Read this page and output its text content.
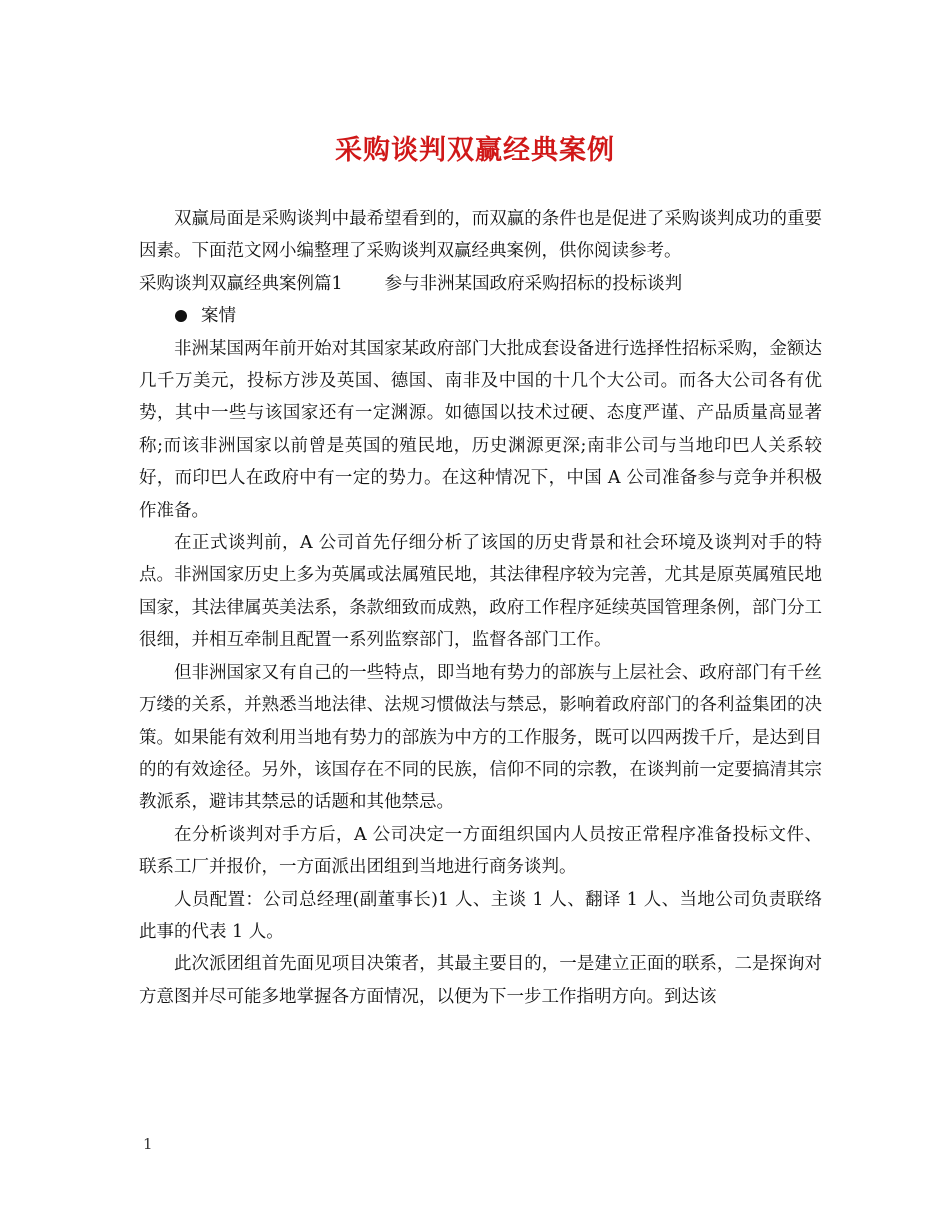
采购谈判双赢经典案例

双赢局面是采购谈判中最希望看到的，而双赢的条件也是促进了采购谈判成功的重要因素。下面范文网小编整理了采购谈判双赢经典案例，供你阅读参考。

采购谈判双赢经典案例篇1 参与非洲某国政府采购招标的投标谈判

案情

非洲某国两年前开始对其国家某政府部门大批成套设备进行选择性招标采购，金额达几千万美元，投标方涉及英国、德国、南非及中国的十几个大公司。而各大公司各有优势，其中一些与该国家还有一定渊源。如德国以技术过硬、态度严谨、产品质量高显著称;而该非洲国家以前曾是英国的殖民地，历史渊源更深;南非公司与当地印巴人关系较好，而印巴人在政府中有一定的势力。在这种情况下，中国 A 公司准备参与竞争并积极作准备。

在正式谈判前，A 公司首先仔细分析了该国的历史背景和社会环境及谈判对手的特点。非洲国家历史上多为英属或法属殖民地，其法律程序较为完善，尤其是原英属殖民地国家，其法律属英美法系，条款细致而成熟，政府工作程序延续英国管理条例，部门分工很细，并相互牵制且配置一系列监察部门，监督各部门工作。

但非洲国家又有自己的一些特点，即当地有势力的部族与上层社会、政府部门有千丝万缕的关系，并熟悉当地法律、法规习惯做法与禁忌，影响着政府部门的各利益集团的决策。如果能有效利用当地有势力的部族为中方的工作服务，既可以四两拨千斤，是达到目的的有效途径。另外，该国存在不同的民族，信仰不同的宗教，在谈判前一定要搞清其宗教派系，避讳其禁忌的话题和其他禁忌。

在分析谈判对手方后，A 公司决定一方面组织国内人员按正常程序准备投标文件、联系工厂并报价，一方面派出团组到当地进行商务谈判。

人员配置：公司总经理(副董事长)1 人、主谈 1 人、翻译 1 人、当地公司负责联络此事的代表 1 人。

此次派团组首先面见项目决策者，其最主要目的，一是建立正面的联系，二是探询对方意图并尽可能多地掌握各方面情况，以便为下一步工作指明方向。到达该

1
